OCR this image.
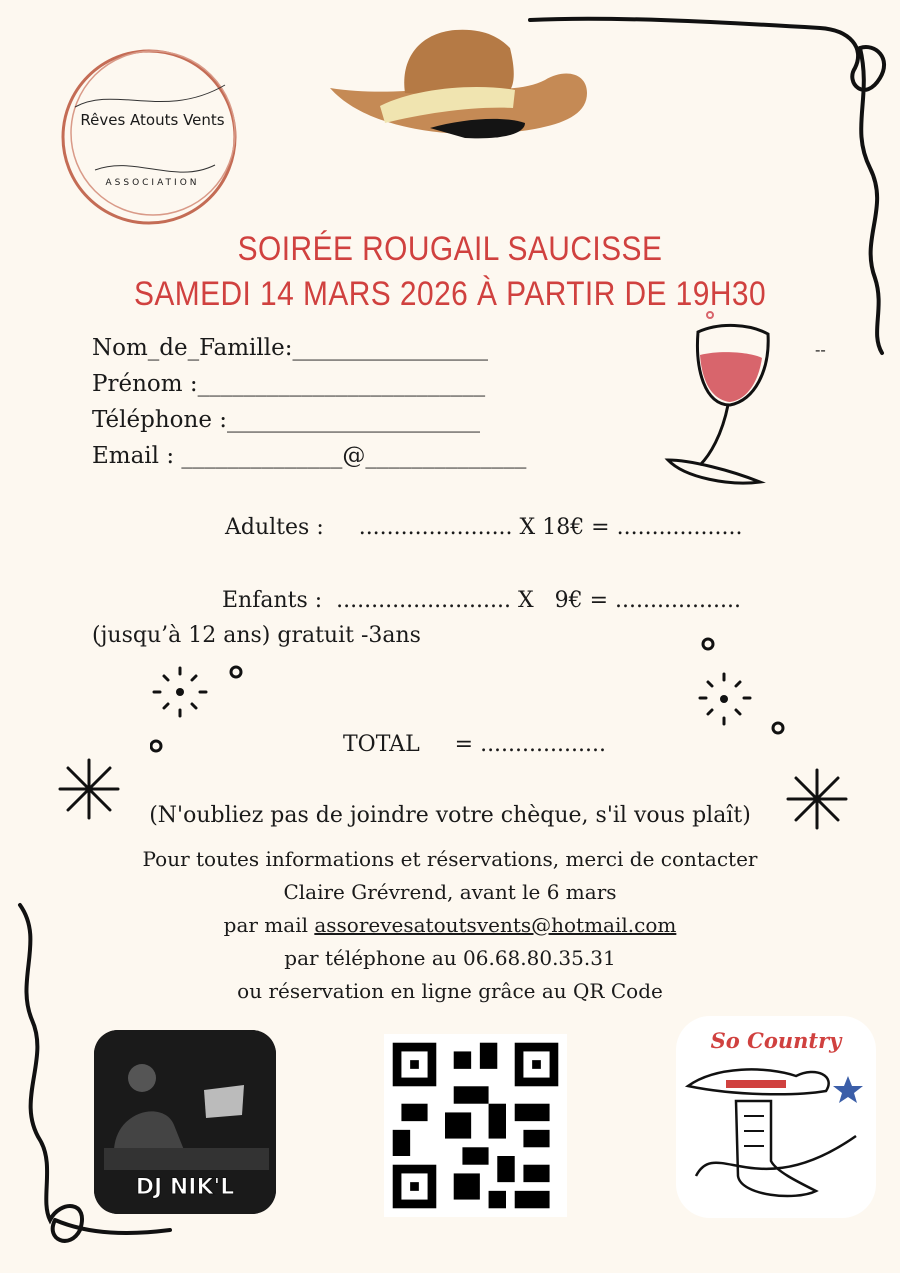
Rêves Atouts Vents
ASSOCIATION
SOIRÉE ROUGAIL SAUCISSE
SAMEDI 14 MARS 2026 À PARTIR DE 19H30
Nom_de_Famille:_________________
Prénom :_________________________
Téléphone :______________________
Email : ______________@______________
--
Adultes :     ...................... X 18€ = ..................
Enfants :  ......................... X   9€ = ..................
(jusqu’à 12 ans) gratuit -3ans
TOTAL     = ..................
(N'oubliez pas de joindre votre chèque, s'il vous plaît)
Pour toutes informations et réservations, merci de contacter
Claire Grévrend, avant le 6 mars
par mail assorevesatoutsvents@hotmail.com
par téléphone au 06.68.80.35.31
ou réservation en ligne grâce au QR Code
DJ NIK'L
So Country
